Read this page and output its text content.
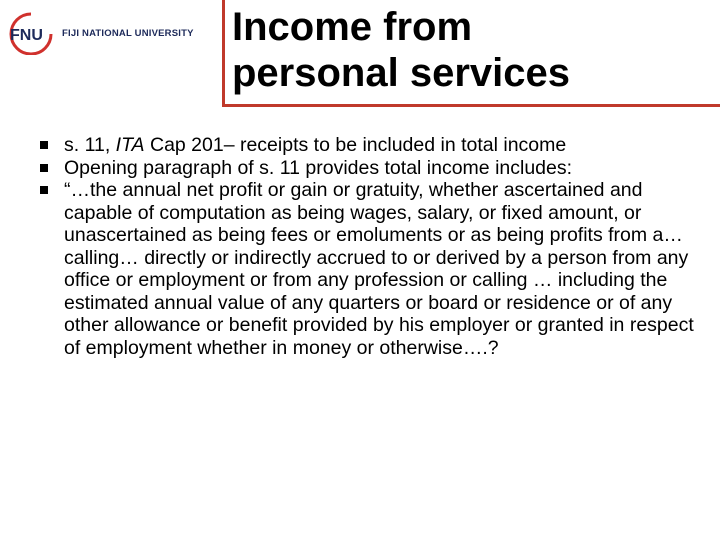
FNU FIJI NATIONAL UNIVERSITY Income from
personal services
s. 11, ITA Cap 201– receipts to be included in total income
Opening paragraph of s. 11 provides total income includes:
“…the annual net profit or gain or gratuity, whether ascertained and capable of computation as being wages, salary, or fixed amount, or unascertained as being fees or emoluments or as being profits from a…calling… directly or indirectly accrued to or derived by a person from any office or employment or from any profession or calling … including the estimated annual value of any quarters or board or residence or of any other allowance or benefit provided by his employer or granted in respect of employment whether in money or otherwise….?
